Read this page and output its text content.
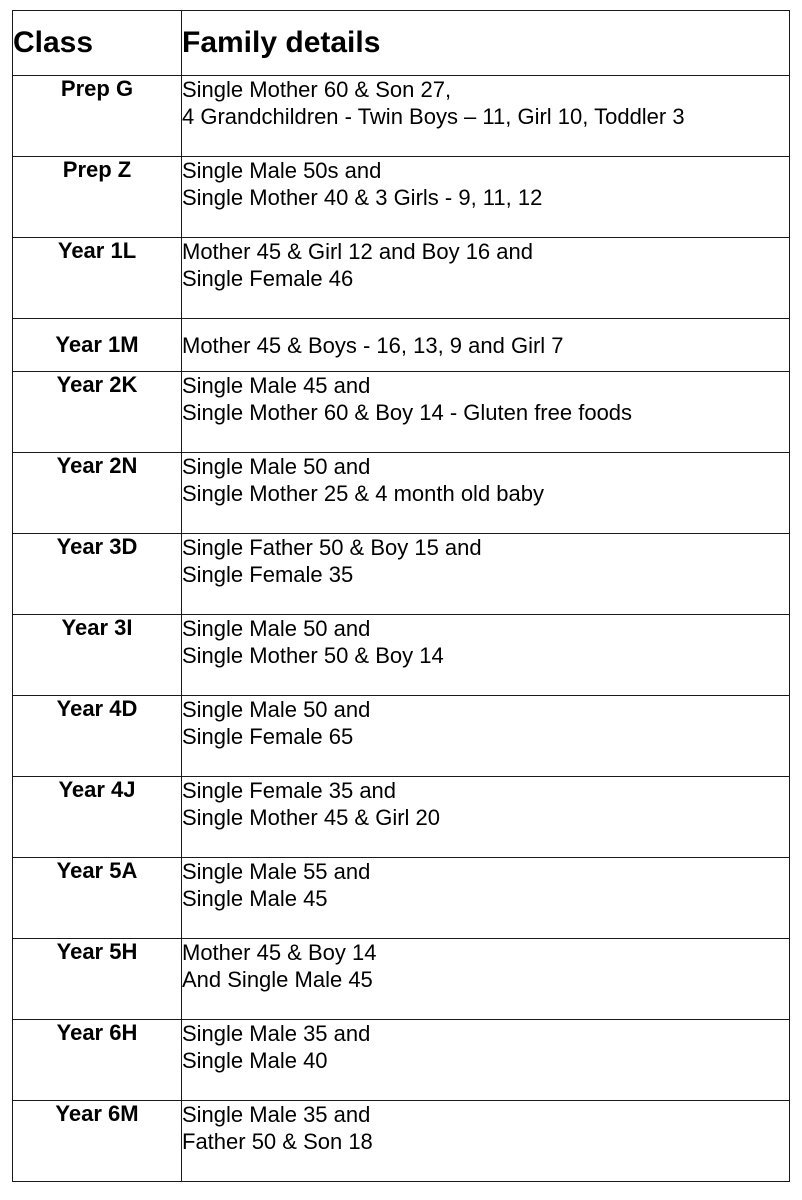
Class	Family details
Prep G	Single Mother 60 & Son 27,
4 Grandchildren - Twin Boys – 11, Girl 10, Toddler 3

Prep Z	Single Male 50s and
Single Mother 40 & 3 Girls - 9, 11, 12

Year 1L	Mother 45 & Girl 12 and Boy 16 and
Single Female 46

Year 1M	Mother 45 & Boys - 16, 13, 9 and Girl 7

Year 2K	Single Male 45 and
Single Mother 60 & Boy 14 - Gluten free foods

Year 2N	Single Male 50 and
Single Mother 25 & 4 month old baby

Year 3D	Single Father 50 & Boy 15 and
Single Female 35

Year 3I	Single Male 50 and
Single Mother 50 & Boy 14

Year 4D	Single Male 50 and
Single Female 65

Year 4J	Single Female 35 and
Single Mother 45 & Girl 20

Year 5A	Single Male 55 and
Single Male 45

Year 5H	Mother 45 & Boy 14
And Single Male 45

Year 6H	Single Male 35 and
Single Male 40

Year 6M	Single Male 35 and
Father 50 & Son 18
